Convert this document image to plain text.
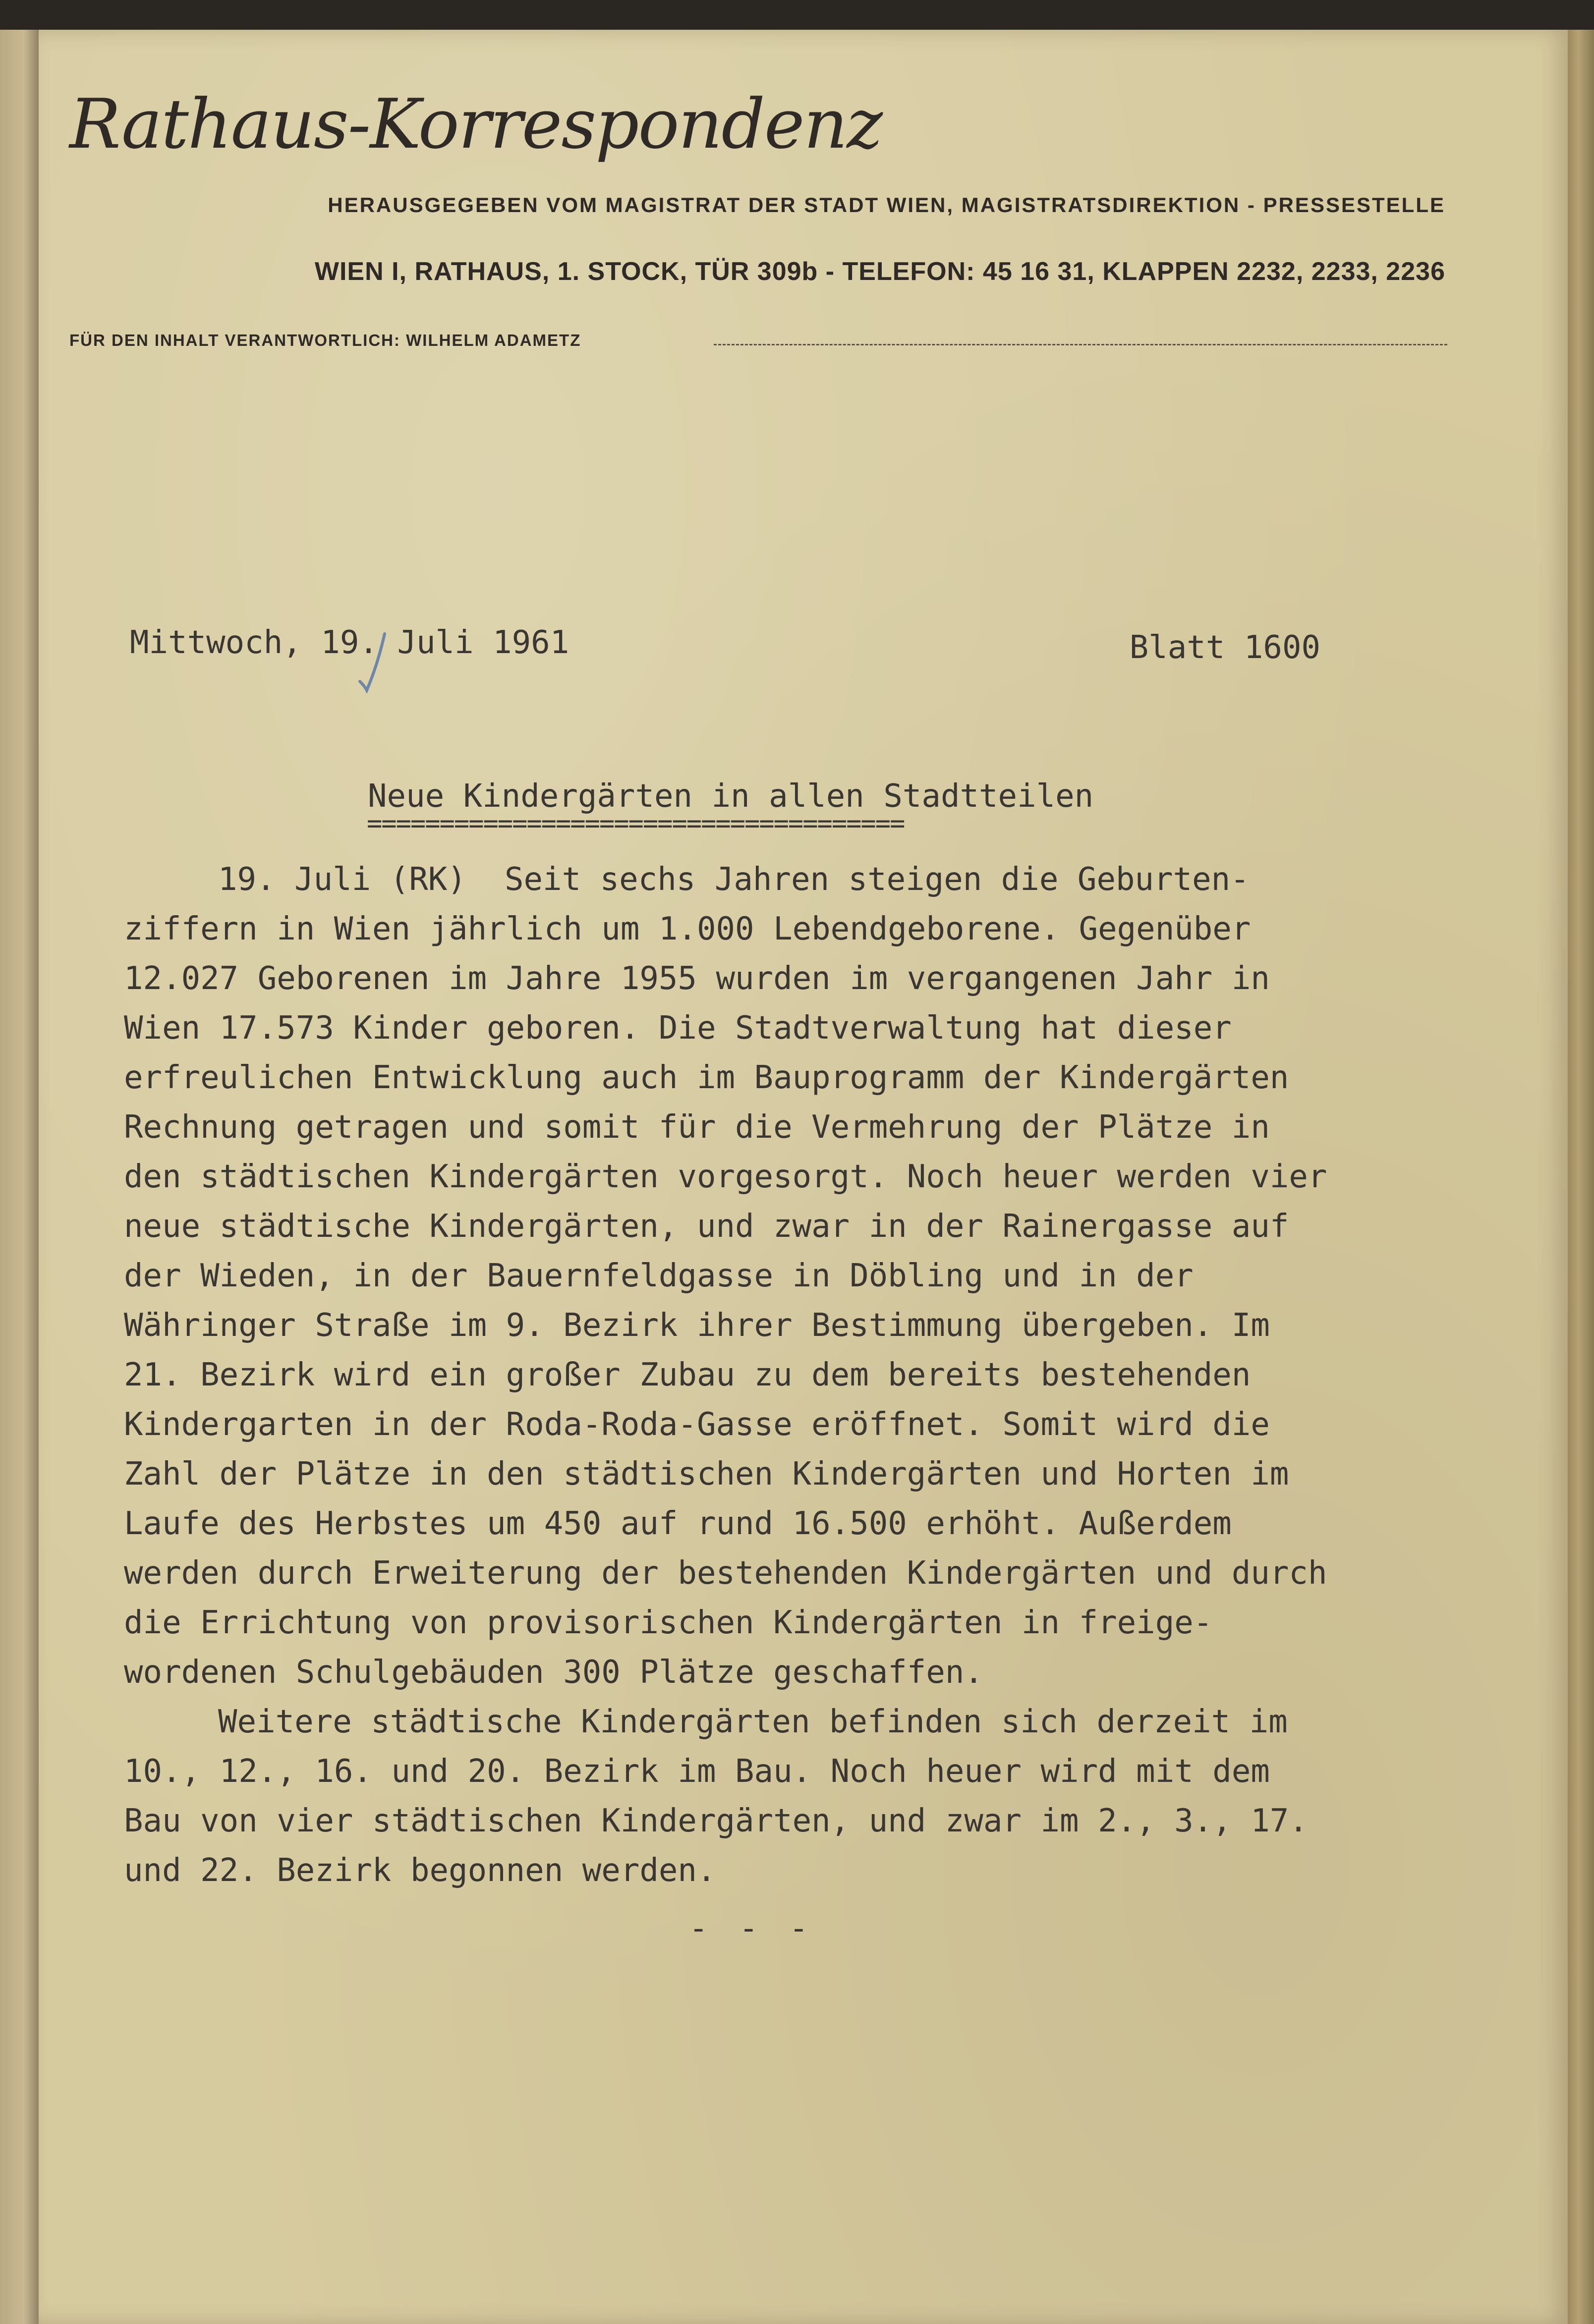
Rathaus-Korrespondenz
HERAUSGEGEBEN VOM MAGISTRAT DER STADT WIEN, MAGISTRATSDIREKTION - PRESSESTELLE
WIEN I, RATHAUS, 1. STOCK, TÜR 309b - TELEFON: 45 16 31, KLAPPEN 2232, 2233, 2236
FÜR DEN INHALT VERANTWORTLICH: WILHELM ADAMETZ
Mittwoch, 19. Juli 1961	Blatt 1600
Neue Kindergärten in allen Stadtteilen
=====================================

19. Juli (RK)  Seit sechs Jahren steigen die Geburten-
ziffern in Wien jährlich um 1.000 Lebendgeborene. Gegenüber
12.027 Geborenen im Jahre 1955 wurden im vergangenen Jahr in
Wien 17.573 Kinder geboren. Die Stadtverwaltung hat dieser
erfreulichen Entwicklung auch im Bauprogramm der Kindergärten
Rechnung getragen und somit für die Vermehrung der Plätze in
den städtischen Kindergärten vorgesorgt. Noch heuer werden vier
neue städtische Kindergärten, und zwar in der Rainergasse auf
der Wieden, in der Bauernfeldgasse in Döbling und in der
Währinger Straße im 9. Bezirk ihrer Bestimmung übergeben. Im
21. Bezirk wird ein großer Zubau zu dem bereits bestehenden
Kindergarten in der Roda-Roda-Gasse eröffnet. Somit wird die
Zahl der Plätze in den städtischen Kindergärten und Horten im
Laufe des Herbstes um 450 auf rund 16.500 erhöht. Außerdem
werden durch Erweiterung der bestehenden Kindergärten und durch
die Errichtung von provisorischen Kindergärten in freige-
wordenen Schulgebäuden 300 Plätze geschaffen.

Weitere städtische Kindergärten befinden sich derzeit im
10., 12., 16. und 20. Bezirk im Bau. Noch heuer wird mit dem
Bau von vier städtischen Kindergärten, und zwar im 2., 3., 17.
und 22. Bezirk begonnen werden.

- - -
